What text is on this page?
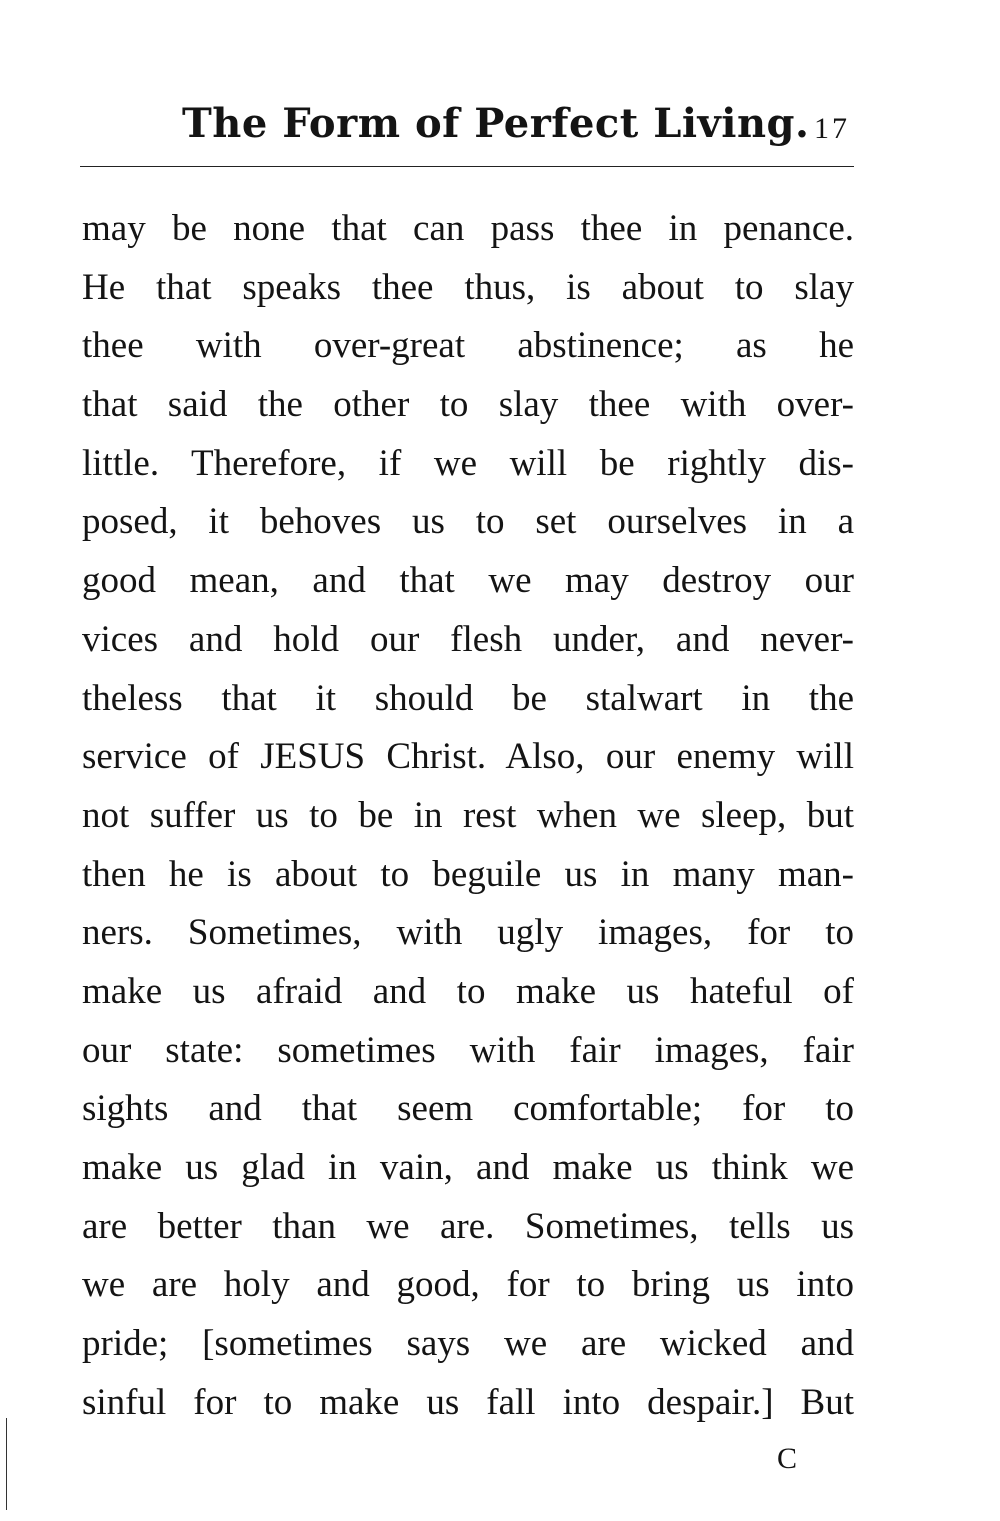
The Form of Perfect Living. 17
may be none that can pass thee in penance.
He that speaks thee thus, is about to slay
thee with over-great abstinence; as he
that said the other to slay thee with over-
little. Therefore, if we will be rightly dis-
posed, it behoves us to set ourselves in a
good mean, and that we may destroy our
vices and hold our flesh under, and never-
theless that it should be stalwart in the
service of JESUS Christ. Also, our enemy will
not suffer us to be in rest when we sleep, but
then he is about to beguile us in many man-
ners. Sometimes, with ugly images, for to
make us afraid and to make us hateful of
our state: sometimes with fair images, fair
sights and that seem comfortable; for to
make us glad in vain, and make us think we
are better than we are. Sometimes, tells us
we are holy and good, for to bring us into
pride; [sometimes says we are wicked and
sinful for to make us fall into despair.] But
C
